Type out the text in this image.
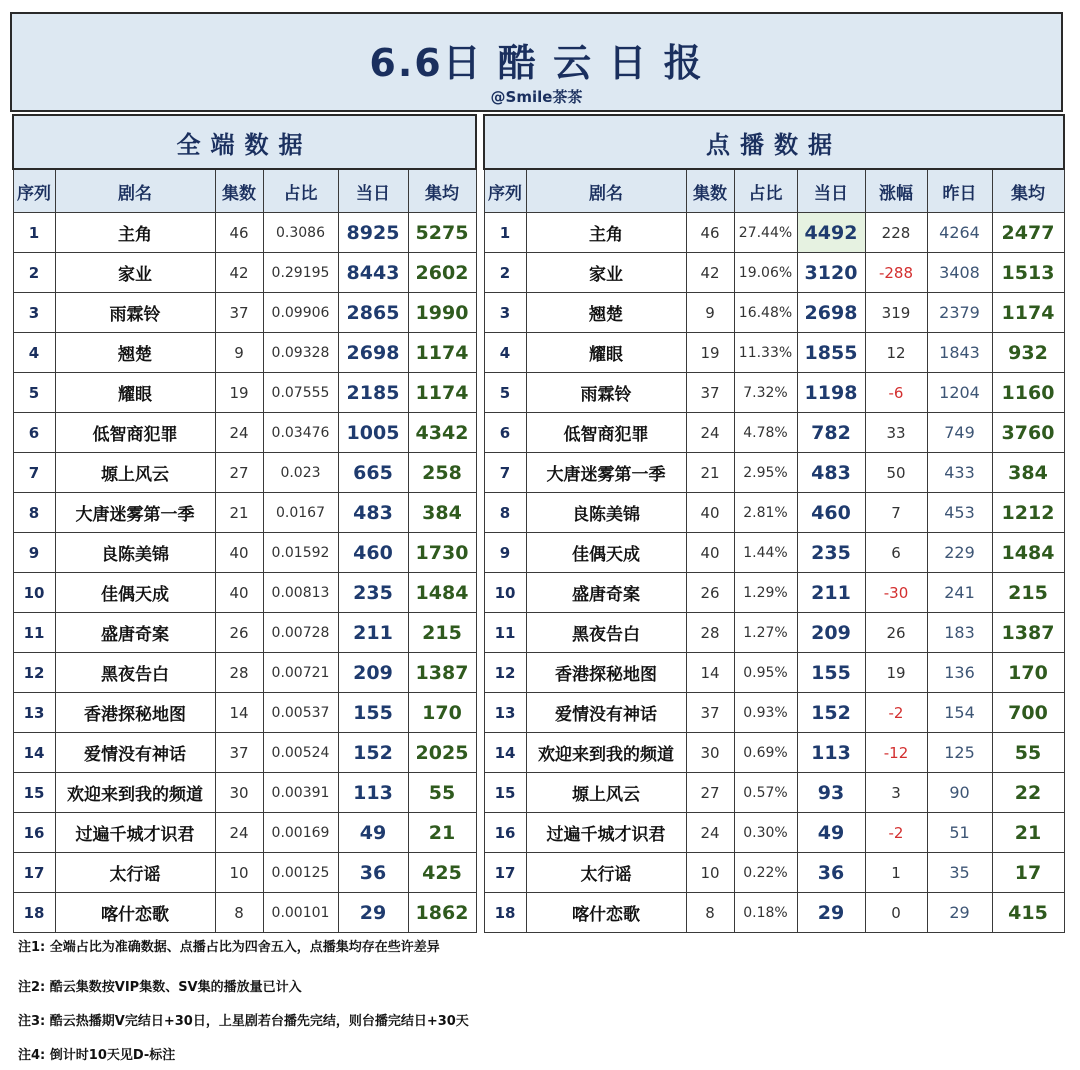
6.6日 酷 云 日 报
@Smile茶茶
全端数据					
序列	剧名	集数	占比	当日	集均
1	主角	46	0.3086	8925	5275
2	家业	42	0.29195	8443	2602
3	雨霖铃	37	0.09906	2865	1990
4	翘楚	9	0.09328	2698	1174
5	耀眼	19	0.07555	2185	1174
6	低智商犯罪	24	0.03476	1005	4342
7	塬上风云	27	0.023	665	258
8	大唐迷雾第一季	21	0.0167	483	384
9	良陈美锦	40	0.01592	460	1730
10	佳偶天成	40	0.00813	235	1484
11	盛唐奇案	26	0.00728	211	215
12	黑夜告白	28	0.00721	209	1387
13	香港探秘地图	14	0.00537	155	170
14	爱情没有神话	37	0.00524	152	2025
15	欢迎来到我的频道	30	0.00391	113	55
16	过遍千城才识君	24	0.00169	49	21
17	太行谣	10	0.00125	36	425
18	喀什恋歌	8	0.00101	29	1862
点播数据							
序列	剧名	集数	占比	当日	涨幅	昨日	集均
1	主角	46	27.44%	4492	228	4264	2477
2	家业	42	19.06%	3120	-288	3408	1513
3	翘楚	9	16.48%	2698	319	2379	1174
4	耀眼	19	11.33%	1855	12	1843	932
5	雨霖铃	37	7.32%	1198	-6	1204	1160
6	低智商犯罪	24	4.78%	782	33	749	3760
7	大唐迷雾第一季	21	2.95%	483	50	433	384
8	良陈美锦	40	2.81%	460	7	453	1212
9	佳偶天成	40	1.44%	235	6	229	1484
10	盛唐奇案	26	1.29%	211	-30	241	215
11	黑夜告白	28	1.27%	209	26	183	1387
12	香港探秘地图	14	0.95%	155	19	136	170
13	爱情没有神话	37	0.93%	152	-2	154	700
14	欢迎来到我的频道	30	0.69%	113	-12	125	55
15	塬上风云	27	0.57%	93	3	90	22
16	过遍千城才识君	24	0.30%	49	-2	51	21
17	太行谣	10	0.22%	36	1	35	17
18	喀什恋歌	8	0.18%	29	0	29	415
注1: 全端占比为准确数据、点播占比为四舍五入，点播集均存在些许差异
注2: 酷云集数按VIP集数、SV集的播放量已计入
注3: 酷云热播期V完结日+30日，上星剧若台播先完结，则台播完结日+30天
注4: 倒计时10天见D-标注
